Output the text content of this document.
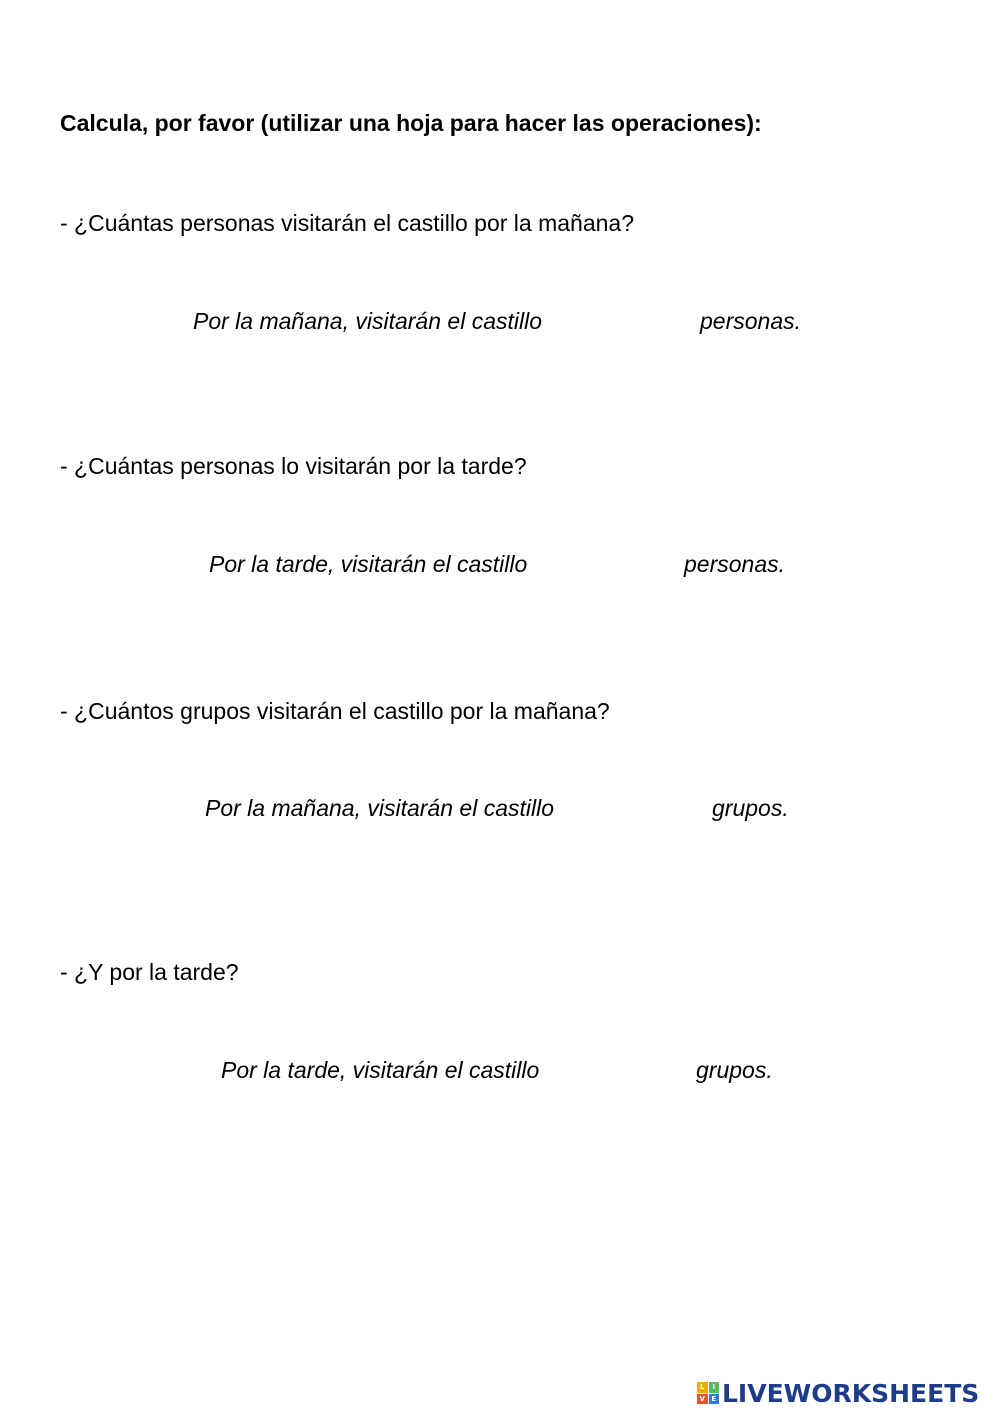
Calcula, por favor (utilizar una hoja para hacer las operaciones):
- ¿Cuántas personas visitarán el castillo por la mañana?
Por la mañana, visitarán el castillo	personas.
- ¿Cuántas personas lo visitarán por la tarde?
Por la tarde, visitarán el castillo	personas.
- ¿Cuántos grupos visitarán el castillo por la mañana?
Por la mañana, visitarán el castillo	grupos.
- ¿Y por la tarde?
Por la tarde, visitarán el castillo	grupos.
L	I
V E LIVEWORKSHEETS
